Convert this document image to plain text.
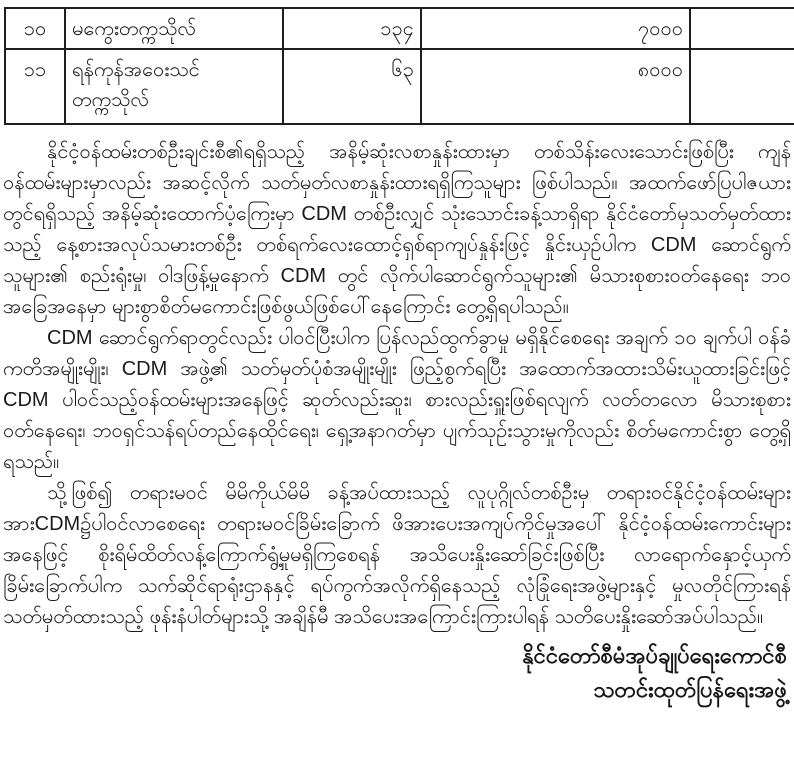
၁၀	မကွေးတက္ကသိုလ်	၁၃၄	၇၀၀၀	
၁၁	ရန်ကုန်အဝေးသင် တက္ကသိုလ်	၆၃	၈၀၀၀	

နိုင်ငံ့ဝန်ထမ်းတစ်ဦးချင်းစီ၏ရရှိသည့် အနိမ့်ဆုံးလစာနှုန်းထားမှာ တစ်သိန်းလေးသောင်းဖြစ်ပြီး ကျန်ဝန်ထမ်းများမှာလည်း အဆင့်လိုက် သတ်မှတ်လစာနှုန်းထားရရှိကြသူများ ဖြစ်ပါသည်။ အထက်ဖော်ပြပါဇယားတွင်ရရှိသည့် အနိမ့်ဆုံးထောက်ပံ့ကြေးမှာ CDM တစ်ဦးလျှင် သုံးသောင်းခန့်သာရှိရာ နိုင်ငံတော်မှသတ်မှတ်ထားသည့် နေ့စားအလုပ်သမားတစ်ဦး တစ်ရက်လေးထောင့်ရှစ်ရာကျပ်နှုန်းဖြင့် နှိုင်းယှဉ်ပါက CDM ဆောင်ရွက်သူများ၏ စည်းရုံးမှု၊ ဝါဒဖြန့်မှုနောက် CDM တွင် လိုက်ပါဆောင်ရွက်သူများ၏ မိသားစုစားဝတ်နေရေး ဘဝအခြေအနေမှာ များစွာစိတ်မကောင်းဖြစ်ဖွယ်ဖြစ်ပေါ်နေကြောင်း တွေ့ရှိရပါသည်။

CDM ဆောင်ရွက်ရာတွင်လည်း ပါဝင်ပြီးပါက ပြန်လည်ထွက်ခွာမှု မရှိနိုင်စေရေး အချက် ၁၀ ချက်ပါ ဝန်ခံကတိအမျိုးမျိုး၊ CDM အဖွဲ့၏ သတ်မှတ်ပုံစံအမျိုးမျိုး ဖြည့်စွက်ရပြီး အထောက်အထားသိမ်းယူထားခြင်းဖြင့် CDM ပါဝင်သည့်ဝန်ထမ်းများအနေဖြင့် ဆုတ်လည်းဆူး၊ စားလည်းရှူးဖြစ်ရလျက် လတ်တလော မိသားစုစားဝတ်နေရေး၊ ဘဝရှင်သန်ရပ်တည်နေထိုင်ရေး၊ ရှေ့အနာဂတ်မှာ ပျက်သုဉ်းသွားမှုကိုလည်း စိတ်မကောင်းစွာ တွေ့ရှိရသည်။

သို့ဖြစ်၍ တရားမဝင် မိမိကိုယ်မိမိ ခန့်အပ်ထားသည့် လူပုဂ္ဂိုလ်တစ်ဦးမှ တရားဝင်နိုင်ငံ့ဝန်ထမ်းများအားCDM၌ပါဝင်လာစေရေး တရားမဝင်ခြိမ်းခြောက် ဖိအားပေးအကျပ်ကိုင်မှုအပေါ် နိုင်ငံ့ဝန်ထမ်းကောင်းများအနေဖြင့် စိုးရိမ်ထိတ်လန့်ကြောက်ရွံ့မှုမရှိကြစေရန် အသိပေးနှိုးဆော်ခြင်းဖြစ်ပြီး လာရောက်နှောင့်ယှက်ခြိမ်းခြောက်ပါက သက်ဆိုင်ရာရုံးဌာနနှင့် ရပ်ကွက်အလိုက်ရှိနေသည့် လုံခြုံရေးအဖွဲ့များနှင့် မှုလတိုင်ကြားရန် သတ်မှတ်ထားသည့် ဖုန်းနံပါတ်များသို့ အချိန်မီ အသိပေးအကြောင်းကြားပါရန် သတိပေးနှိုးဆော်အပ်ပါသည်။

နိုင်ငံတော်စီမံအုပ်ချုပ်ရေးကောင်စီ
သတင်းထုတ်ပြန်ရေးအဖွဲ့
